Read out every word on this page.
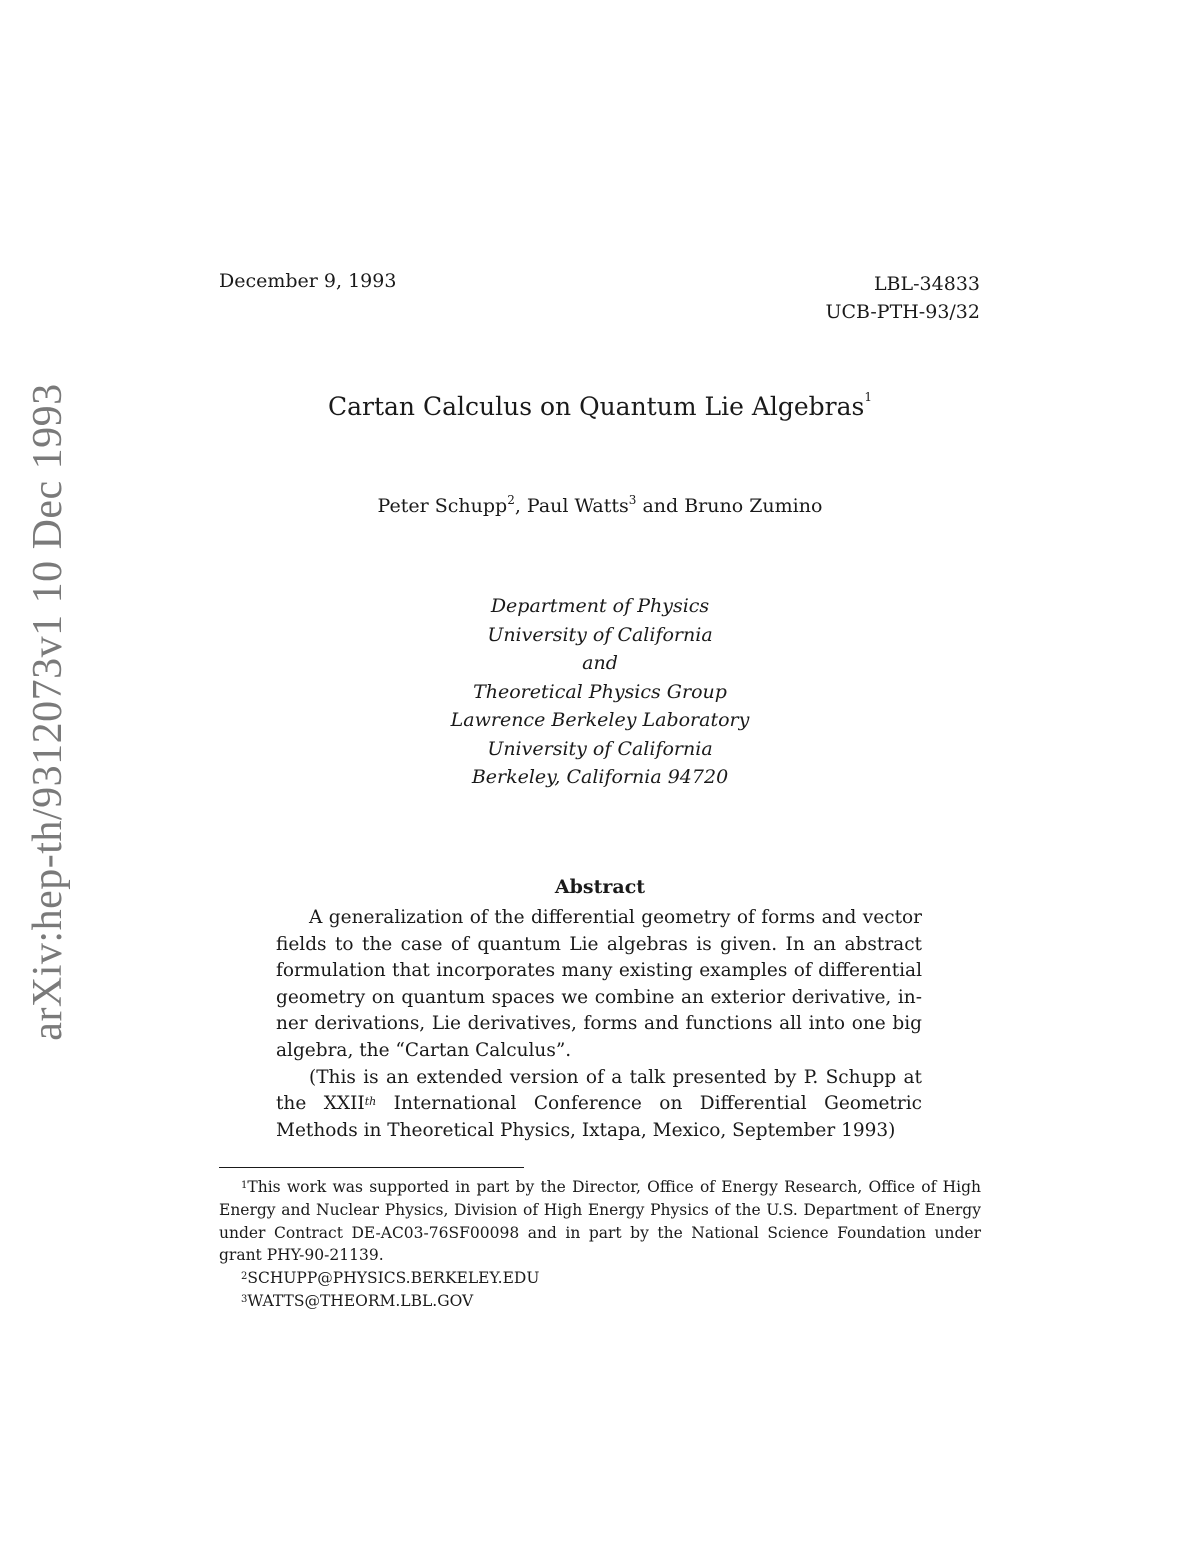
arXiv:hep-th/9312073v1 10 Dec 1993
December 9, 1993	LBL-34833
UCB-PTH-93/32
Cartan Calculus on Quantum Lie Algebras$^1$
Peter Schupp$^2$, Paul Watts$^3$ and Bruno Zumino
Department of Physics
University of California
and
Theoretical Physics Group
Lawrence Berkeley Laboratory
University of California
Berkeley, California 94720
Abstract

A generalization of the differential geometry of forms and vector fields to the case of quantum Lie algebras is given. In an abstract formulation that incorporates many existing examples of differential geometry on quantum spaces we combine an exterior derivative, inner derivations, Lie derivatives, forms and functions all into one big algebra, the “Cartan Calculus”.

(This is an extended version of a talk presented by P. Schupp at the XXIIth International Conference on Differential Geometric Methods in Theoretical Physics, Ixtapa, Mexico, September 1993)

$^1$This work was supported in part by the Director, Office of Energy Research, Office of High Energy and Nuclear Physics, Division of High Energy Physics of the U.S. Department of Energy under Contract DE-AC03-76SF00098 and in part by the National Science Foundation under grant PHY-90-21139.

$^2$SCHUPP@PHYSICS.BERKELEY.EDU

$^3$WATTS@THEORM.LBL.GOV
